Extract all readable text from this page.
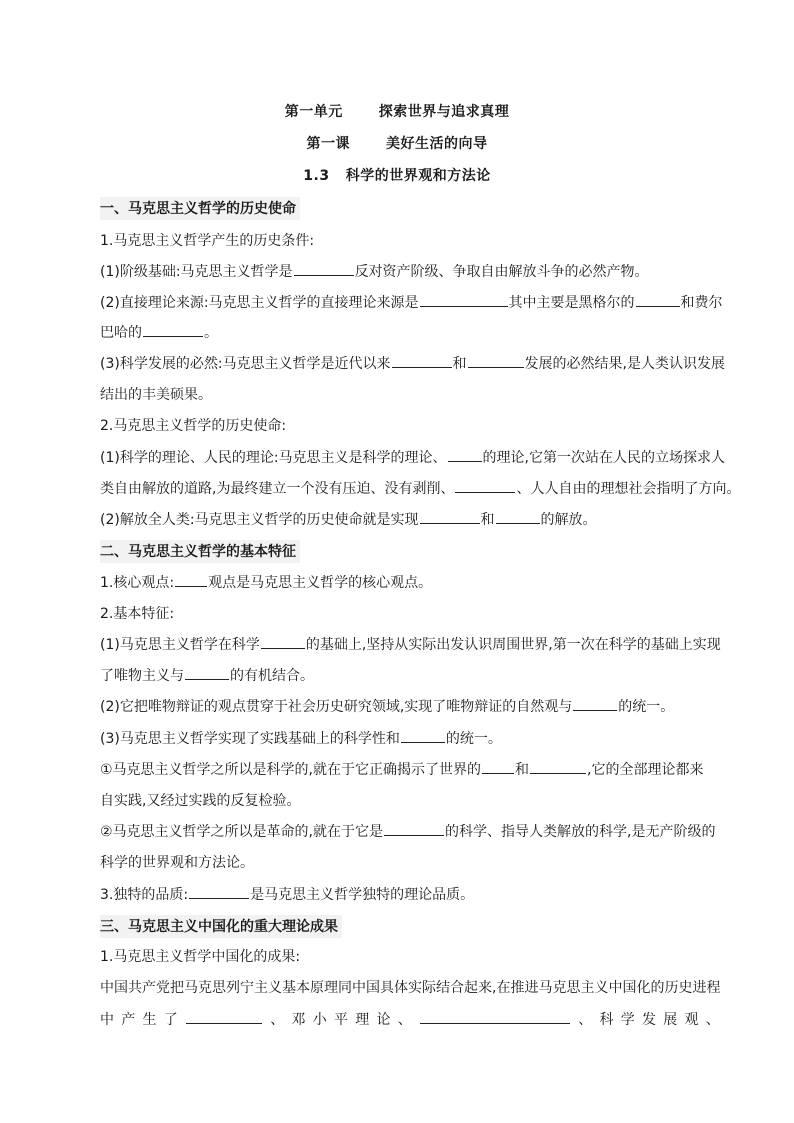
第一单元	探索世界与追求真理
第一课	美好生活的向导
1.3 科学的世界观和方法论
一、马克思主义哲学的历史使命
1.马克思主义哲学产生的历史条件:
(1)阶级基础:马克思主义哲学是	反对资产阶级、争取自由解放斗争的必然产物。
(2)直接理论来源:马克思主义哲学的直接理论来源是	其中主要是黑格尔的	和费尔
巴哈的	。
(3)科学发展的必然:马克思主义哲学是近代以来	和	发展的必然结果,是人类认识发展
结出的丰美硕果。
2.马克思主义哲学的历史使命:
(1)科学的理论、人民的理论:马克思主义是科学的理论、	的理论,它第一次站在人民的立场探求人
类自由解放的道路,为最终建立一个没有压迫、没有剥削、	、人人自由的理想社会指明了方向。
(2)解放全人类:马克思主义哲学的历史使命就是实现	和	的解放。
二、马克思主义哲学的基本特征
1.核心观点: 观点是马克思主义哲学的核心观点。
2.基本特征:
(1)马克思主义哲学在科学	的基础上,坚持从实际出发认识周围世界,第一次在科学的基础上实现
了唯物主义与	的有机结合。
(2)它把唯物辩证的观点贯穿于社会历史研究领域,实现了唯物辩证的自然观与	的统一。
(3)马克思主义哲学实现了实践基础上的科学性和	的统一。
①马克思主义哲学之所以是科学的,就在于它正确揭示了世界的 和	,它的全部理论都来
自实践,又经过实践的反复检验。
②马克思主义哲学之所以是革命的,就在于它是	的科学、指导人类解放的科学,是无产阶级的
科学的世界观和方法论。
3.独特的品质:	是马克思主义哲学独特的理论品质。
三、马克思主义中国化的重大理论成果
1.马克思主义哲学中国化的成果:
中国共产党把马克思列宁主义基本原理同中国具体实际结合起来,在推进马克思主义中国化的历史进程
中 产 生 了	、 邓 小 平 理 论 、	、 科 学 发 展 观 、
